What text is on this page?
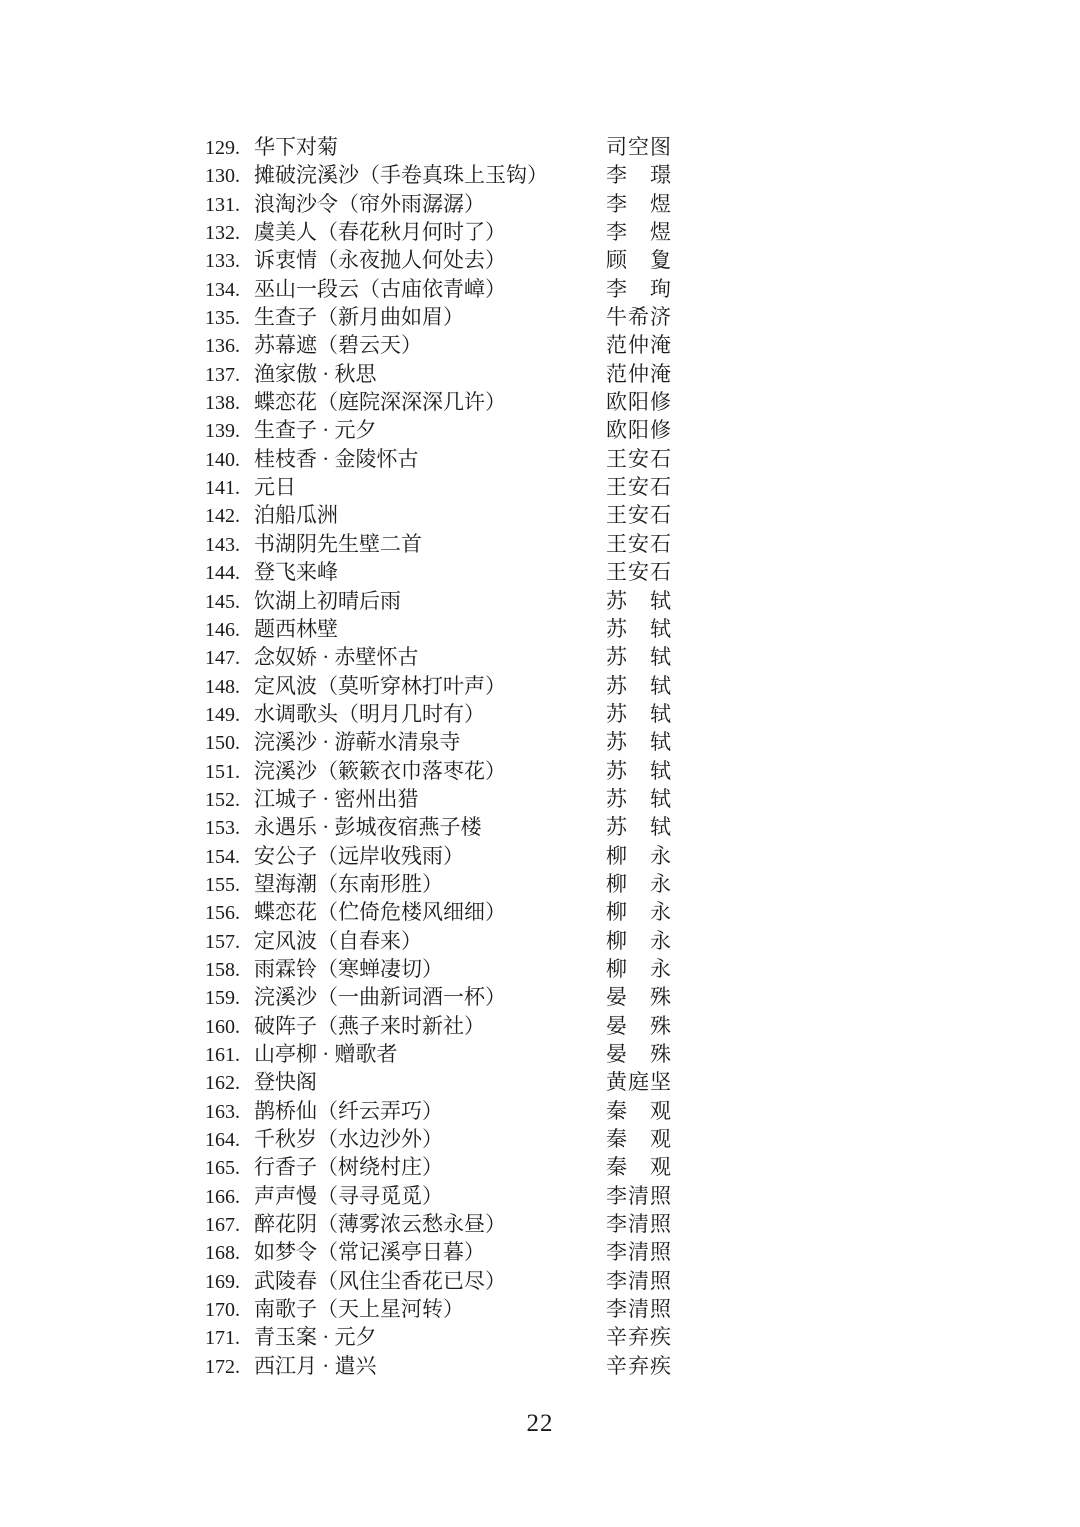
129. 华下对菊	司空图
130. 摊破浣溪沙（手卷真珠上玉钩）	李璟
131. 浪淘沙令（帘外雨潺潺）	李煜
132. 虞美人（春花秋月何时了）	李煜
133. 诉衷情（永夜抛人何处去）	顾夐
134. 巫山一段云（古庙依青嶂）	李珣
135. 生查子（新月曲如眉）	牛希济
136. 苏幕遮（碧云天）	范仲淹
137. 渔家傲 · 秋思	范仲淹
138. 蝶恋花（庭院深深深几许）	欧阳修
139. 生查子 · 元夕	欧阳修
140. 桂枝香 · 金陵怀古	王安石
141. 元日	王安石
142. 泊船瓜洲	王安石
143. 书湖阴先生壁二首	王安石
144. 登飞来峰	王安石
145. 饮湖上初晴后雨	苏轼
146. 题西林壁	苏轼
147. 念奴娇 · 赤壁怀古	苏轼
148. 定风波（莫听穿林打叶声）	苏轼
149. 水调歌头（明月几时有）	苏轼
150. 浣溪沙 · 游蕲水清泉寺	苏轼
151. 浣溪沙（簌簌衣巾落枣花）	苏轼
152. 江城子 · 密州出猎	苏轼
153. 永遇乐 · 彭城夜宿燕子楼	苏轼
154. 安公子（远岸收残雨）	柳永
155. 望海潮（东南形胜）	柳永
156. 蝶恋花（伫倚危楼风细细）	柳永
157. 定风波（自春来）	柳永
158. 雨霖铃（寒蝉凄切）	柳永
159. 浣溪沙（一曲新词酒一杯）	晏殊
160. 破阵子（燕子来时新社）	晏殊
161. 山亭柳 · 赠歌者	晏殊
162. 登快阁	黄庭坚
163. 鹊桥仙（纤云弄巧）	秦观
164. 千秋岁（水边沙外）	秦观
165. 行香子（树绕村庄）	秦观
166. 声声慢（寻寻觅觅）	李清照
167. 醉花阴（薄雾浓云愁永昼）	李清照
168. 如梦令（常记溪亭日暮）	李清照
169. 武陵春（风住尘香花已尽）	李清照
170. 南歌子（天上星河转）	李清照
171. 青玉案 · 元夕	辛弃疾
172. 西江月 · 遣兴	辛弃疾
22
